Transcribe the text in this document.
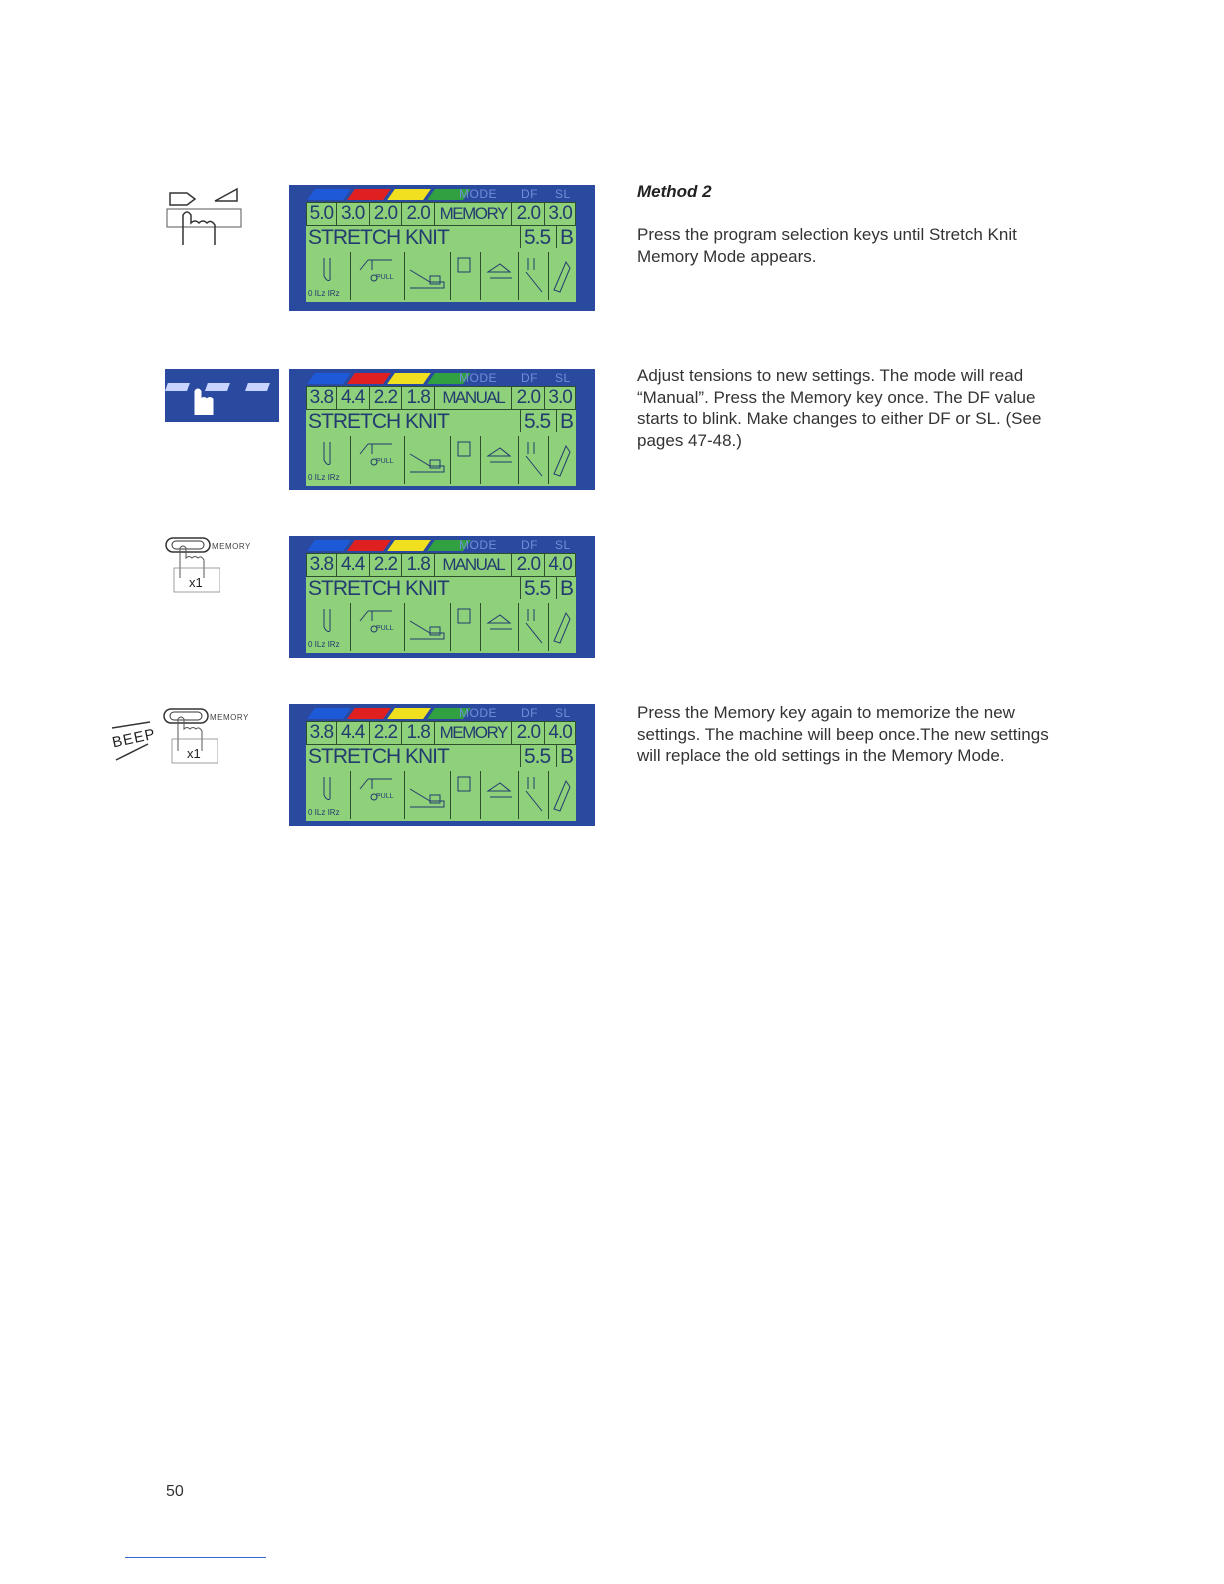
MODE DF SL
5.0 3.0 2.0 2.0 MEMORY 2.0 3.0
STRETCH KNIT	5.5 B
0 ILz IRz
PULL
Method 2
Press the program selection keys until Stretch Knit Memory Mode appears.
MODE DF SL
3.8 4.4 2.2 1.8 MANUAL 2.0 3.0
STRETCH KNIT	5.5 B
0 ILz IRz
PULL
Adjust tensions to new settings. The mode will read “Manual”. Press the Memory key once. The DF value starts to blink. Make changes to either DF or SL. (See pages 47-48.)
MEMORY
x1
MODE DF SL
3.8 4.4 2.2 1.8 MANUAL 2.0 4.0
STRETCH KNIT	5.5 B
0 ILz IRz
PULL
BEEP
MEMORY
x1
MODE DF SL
3.8 4.4 2.2 1.8 MEMORY 2.0 4.0
STRETCH KNIT	5.5 B
0 ILz IRz
PULL
Press the Memory key again to memorize the new settings. The machine will beep once.The new settings will replace the old settings in the Memory Mode.
50
